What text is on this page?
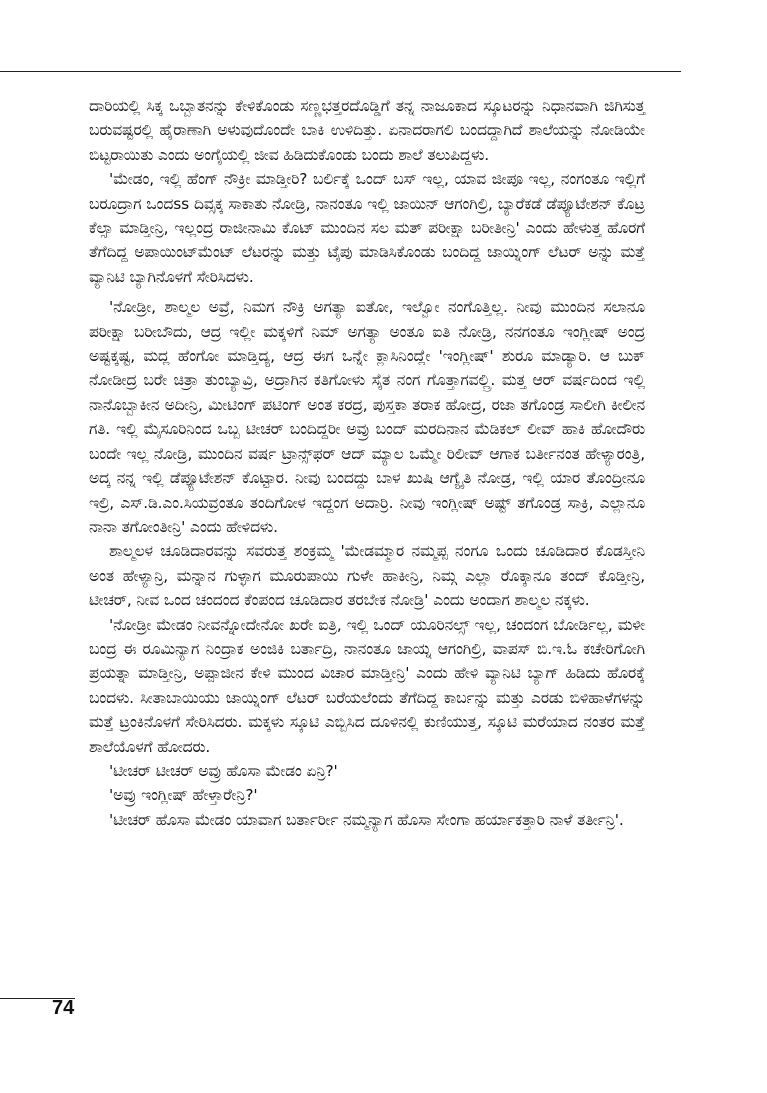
ದಾರಿಯಲ್ಲಿ ಸಿಕ್ಕ ಒಬ್ಬಾತನನ್ನು ಕೇಳಿಕೊಂಡು ಸಣ್ಣಭತ್ತರದೊಡ್ಡಿಗೆ ತನ್ನ ನಾಜೂಕಾದ ಸ್ಕೂಟರನ್ನು ನಿಧಾನವಾಗಿ ಜಿಗಿಸುತ್ತ ಬರುವಷ್ಟರಲ್ಲಿ ಹೈರಾಣಾಗಿ ಅಳುವುದೊಂದೇ ಬಾಕಿ ಉಳಿದಿತ್ತು. ಏನಾದರಾಗಲಿ ಬಂದದ್ದಾಗಿದೆ ಶಾಲೆಯನ್ನು ನೋಡಿಯೇ ಬಿಟ್ಟರಾಯಿತು ಎಂದು ಅಂಗೈಯಲ್ಲಿ ಜೀವ ಹಿಡಿದುಕೊಂಡು ಬಂದು ಶಾಲೆ ತಲುಪಿದ್ದಳು.

'ಮೇಡಂ, ಇಲ್ಲಿ ಹೆಂಗ್ ನೌಕ್ರೀ ಮಾಡ್ತೀರಿ? ಬರ್ಲಿಕ್ಕೆ ಒಂದ್ ಬಸ್ ಇಲ್ಲ, ಯಾವ ಜೀಪೂ ಇಲ್ಲ, ನಂಗಂತೂ ಇಲ್ಲಿಗೆ ಬರೂದ್ರಾಗ ಒಂದss ದಿವ್ಸಕ್ಕ ಸಾಕಾತು ನೋಡ್ರಿ, ನಾನಂತೂ ಇಲ್ಲಿ ಜಾಯಿನ್ ಆಗಂಗಿಲ್ರಿ, ಬ್ಯಾರೆಕಡೆ ಡೆಪ್ಯೂಟೇಶನ್ ಕೊಟ್ರ ಕೆಲ್ಸಾ ಮಾಡ್ತೀನ್ರಿ, ಇಲ್ಲಂದ್ರ ರಾಜೀನಾಮಿ ಕೊಟ್ ಮುಂದಿನ ಸಲ ಮತ್ ಪರೀಕ್ಷಾ ಬರೀತೀನ್ರಿ' ಎಂದು ಹೇಳುತ್ತ ಹೊರಗೆ ತೆಗೆದಿದ್ದ ಅಪಾಯಿಂಟ್‌ಮೆಂಟ್ ಲೆಟರನ್ನು ಮತ್ತು ಟೈಪು ಮಾಡಿಸಿಕೊಂಡು ಬಂದಿದ್ದ ಜಾಯ್ನಿಂಗ್ ಲೆಟರ್ ಅನ್ನು ಮತ್ತೆ ವ್ಯಾನಿಟಿ ಬ್ಯಾಗಿನೊಳಗೆ ಸೇರಿಸಿದಳು.

'ನೋಡ್ರೀ, ಶಾಲ್ಮಲ ಅವ್ರೆ, ನಿಮಗ ನೌಕ್ರಿ ಅಗತ್ಯಾ ಐತೋ, ಇಲ್ವೋ ನಂಗೊತ್ತಿಲ್ಲ. ನೀವು ಮುಂದಿನ ಸಲಾನೂ ಪರೀಕ್ಷಾ ಬರೀಬೌದು, ಆದ್ರ ಇಲ್ಲೀ ಮಕ್ಕಳಿಗೆ ನಿಮ್ ಅಗತ್ಯಾ ಅಂತೂ ಐತಿ ನೋಡ್ರಿ, ನನಗಂತೂ ಇಂಗ್ಲೀಷ್ ಅಂದ್ರ ಅಷ್ಟಕ್ಕಷ್ಟ, ಮದ್ಲ ಹೆಂಗೋ ಮಾಡ್ತಿದ್ಯ, ಆದ್ರ ಈಗ ಒನ್ನೇ ಕ್ಲಾಸಿನಿಂದ್ಲೇ 'ಇಂಗ್ಲೀಷ್' ಶುರೂ ಮಾಡ್ಯಾರಿ. ಆ ಬುಕ್ ನೋಡೀದ್ರ ಬರೇ ಚಿತ್ರಾ ತುಂಬ್ಯಾವ್ರಿ, ಅದ್ರಾಗಿನ ಕತಿಗೋಳು ಸೈತ ನಂಗ ಗೊತ್ತಾಗವಲ್ಲ್ರಿ. ಮತ್ತ ಆರ್ ವರ್ಷದಿಂದ ಇಲ್ಲಿ ನಾನೊಬ್ಬಾಕೀನ ಅದೀನ್ರಿ, ಮೀಟಿಂಗ್ ಪಟಿಂಗ್ ಅಂತ ಕರದ್ರ, ಪುಸ್ತಕಾ ತರಾಕ ಹೋದ್ರ, ರಜಾ ತಗೊಂಡ್ರ ಸಾಲೀಗಿ ಕೀಲೀನ ಗತಿ. ಇಲ್ಲಿ ಮೈಸೂರಿನಿಂದ ಒಬ್ಬ ಟೀಚರ್ ಬಂದಿದ್ದರೀ ಅವ್ರು ಬಂದ್ ಮರದಿನಾನ ಮೆಡಿಕಲ್ ಲೀವ್ ಹಾಕಿ ಹೋದೌರು ಬಂದೇ ಇಲ್ಲ ನೋಡ್ರಿ, ಮುಂದಿನ ವರ್ಷ ಟ್ರಾನ್ಸ್‌ಫರ್ ಆದ್ ಮ್ಯಾಲ ಒಮ್ಮೇ ರಿಲೀವ್ ಆಗಾಕ ಬರ್ತೀನಂತ ಹೇಳ್ಯಾರಂತ್ರಿ, ಅದ್ಕ ನನ್ನ ಇಲ್ಲಿ ಡೆಪ್ಯೂಟೇಶನ್ ಕೊಟ್ಟಾರ. ನೀವು ಬಂದದ್ದು ಬಾಳ ಖುಷಿ ಆಗ್ಯೈತಿ ನೋಡ್ರ, ಇಲ್ಲಿ ಯಾರ ತೊಂದ್ರೀನೂ ಇಲ್ರಿ, ಎಸ್.ಡಿ.ಎಂ.ಸಿಯವ್ರಂತೂ ತಂದಿಗೋಳ ಇದ್ದಂಗ ಅದಾರ್ರಿ. ನೀವು ಇಂಗ್ಲೀಷ್ ಅಷ್ಟ್ ತಗೊಂಡ್ರ ಸಾಕ್ರಿ, ಎಲ್ಲಾನೂ ನಾನಾ ತಗೋಂತೀನ್ರಿ' ಎಂದು ಹೇಳಿದಳು.

ಶಾಲ್ಮಲಳ ಚೂಡಿದಾರವನ್ನು ಸವರುತ್ತ ಶಂಕ್ರಮ್ಮ 'ಮೇಡಮ್ಮಾರ ನಮ್ಮಪ್ಪ ನಂಗೂ ಒಂದು ಚೂಡಿದಾರ ಕೊಡಸ್ತೀನಿ ಅಂತ ಹೇಳ್ಯಾನ್ರಿ, ಮನ್ನಾನ ಗುಳ್ಳಾಗ ಮೂರುಪಾಯಿ ಗುಳೇ ಹಾಕೀನ್ರಿ, ನಿಮ್ಗ ಎಲ್ಲಾ ರೊಕ್ಕಾನೂ ತಂದ್ ಕೊಡ್ತೀನ್ರಿ, ಟೀಚರ್, ನೀವ ಒಂದ ಚಂದಂದ ಕೆಂಪಂದ ಚೂಡಿದಾರ ತರಬೇಕ ನೋಡ್ರಿ' ಎಂದು ಅಂದಾಗ ಶಾಲ್ಮಲ ನಕ್ಕಳು.

'ನೋಡ್ರೀ ಮೇಡಂ ನೀವನ್ನೋದೇನೋ ಖರೇ ಐತ್ರಿ, ಇಲ್ಲಿ ಒಂದ್ ಯೂರಿನಲ್ಸ್ ಇಲ್ಲ, ಚಂದಂಗ ಬೋರ್ಡಿಲ್ಲ, ಮಳೀ ಬಂದ್ರ ಈ ರೂಮಿನ್ಯಾಗ ನಿಂದ್ರಾಕ ಅಂಜಿಕಿ ಬರ್ತಾದ್ರಿ, ನಾನಂತೂ ಜಾಯ್ನ ಆಗಂಗಿಲ್ರಿ, ವಾಪಸ್ ಬಿ.ಇ.ಓ ಕಚೇರಿಗೋಗಿ ಪ್ರಯತ್ನಾ ಮಾಡ್ತೀನ್ರಿ, ಅಪ್ಪಾಜೀನ ಕೇಳಿ ಮುಂದ ವಿಚಾರ ಮಾಡ್ತೀನ್ರಿ' ಎಂದು ಹೇಳಿ ವ್ಯಾನಿಟಿ ಬ್ಯಾಗ್ ಹಿಡಿದು ಹೊರಕ್ಕೆ ಬಂದಳು. ಸೀತಾಬಾಯಿಯು ಜಾಯ್ನಿಂಗ್ ಲೆಟರ್ ಬರೆಯಲೆಂದು ತೆಗೆದಿದ್ದ ಕಾರ್ಬನ್ನು ಮತ್ತು ಎರಡು ಬಿಳಿಹಾಳೆಗಳನ್ನು ಮತ್ತೆ ಟ್ರಂಕಿನೊಳಗೆ ಸೇರಿಸಿದರು. ಮಕ್ಕಳು ಸ್ಕೂಟಿ ಎಬ್ಬಿಸಿದ ದೂಳಿನಲ್ಲಿ ಕುಣಿಯುತ್ತ, ಸ್ಕೂಟಿ ಮರೆಯಾದ ನಂತರ ಮತ್ತೆ ಶಾಲೆಯೊಳಗೆ ಹೋದರು.

'ಟೀಚರ್ ಟೀಚರ್ ಅವ್ರು ಹೊಸಾ ಮೇಡಂ ಏನ್ರಿ?'

'ಅವ್ರು ಇಂಗ್ಲೀಷ್ ಹೇಳ್ತಾರೇನ್ರಿ?'

'ಟೀಚರ್ ಹೊಸಾ ಮೇಡಂ ಯಾವಾಗ ಬರ್ತಾರ್ರೀ ನಮ್ಮನ್ಯಾಗ ಹೊಸಾ ಸೇಂಗಾ ಹರ್ಯಾಕತ್ತಾರಿ ನಾಳೆ ತರ್ತೀನ್ರಿ'.

74
